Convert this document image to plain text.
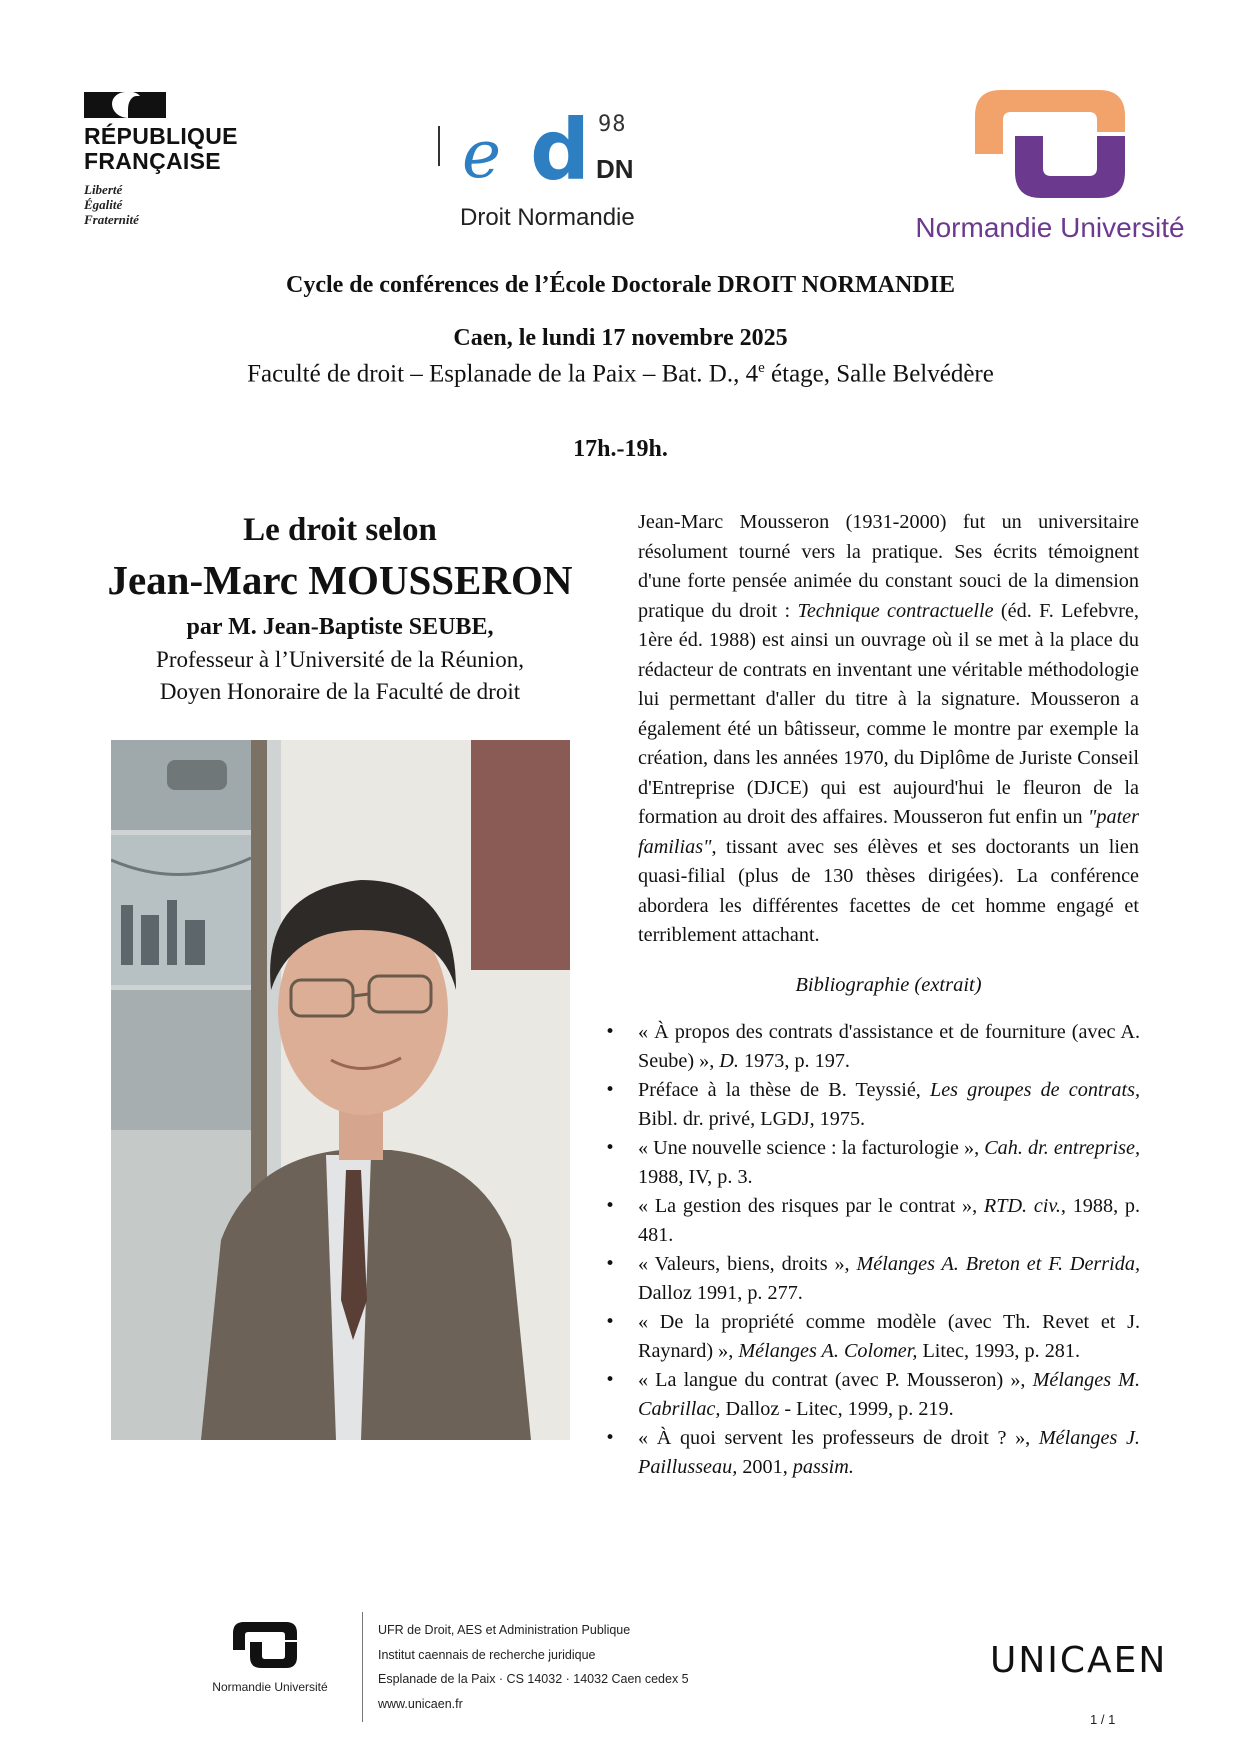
RÉPUBLIQUE
FRANÇAISE
Liberté
Égalité
Fraternité
e d 98
DN
Droit Normandie	Normandie Université
Cycle de conférences de l’École Doctorale DROIT NORMANDIE
Caen, le lundi 17 novembre 2025
Faculté de droit – Esplanade de la Paix – Bat. D., 4e étage, Salle Belvédère
17h.-19h.
Le droit selon
Jean-Marc MOUSSERON
par M. Jean-Baptiste SEUBE,
Professeur à l’Université de la Réunion,
Doyen Honoraire de la Faculté de droit
Jean-Marc Mousseron (1931-2000) fut un universitaire résolument tourné vers la pratique. Ses écrits témoignent d'une forte pensée animée du constant souci de la dimension pratique du droit : Technique contractuelle (éd. F. Lefebvre, 1ère éd. 1988) est ainsi un ouvrage où il se met à la place du rédacteur de contrats en inventant une véritable méthodologie lui permettant d'aller du titre à la signature. Mousseron a également été un bâtisseur, comme le montre par exemple la création, dans les années 1970, du Diplôme de Juriste Conseil d'Entreprise (DJCE) qui est aujourd'hui le fleuron de la formation au droit des affaires. Mousseron fut enfin un "pater familias", tissant avec ses élèves et ses doctorants un lien quasi-filial (plus de 130 thèses dirigées). La conférence abordera les différentes facettes de cet homme engagé et terriblement attachant.
Bibliographie (extrait)
• « À propos des contrats d'assistance et de fourniture (avec A. Seube) », D. 1973, p. 197.
• Préface à la thèse de B. Teyssié, Les groupes de contrats, Bibl. dr. privé, LGDJ, 1975.
• « Une nouvelle science : la facturologie », Cah. dr. entreprise, 1988, IV, p. 3.
• « La gestion des risques par le contrat », RTD. civ., 1988, p. 481.
• « Valeurs, biens, droits », Mélanges A. Breton et F. Derrida, Dalloz 1991, p. 277.
• « De la propriété comme modèle (avec Th. Revet et J. Raynard) », Mélanges A. Colomer, Litec, 1993, p. 281.
• « La langue du contrat (avec P. Mousseron) », Mélanges M. Cabrillac, Dalloz - Litec, 1999, p. 219.
• « À quoi servent les professeurs de droit ? », Mélanges J. Paillusseau, 2001, passim.
Normandie Université
UFR de Droit, AES et Administration Publique
Institut caennais de recherche juridique
Esplanade de la Paix · CS 14032 · 14032 Caen cedex 5
www.unicaen.fr
UNICAEN
1 / 1
